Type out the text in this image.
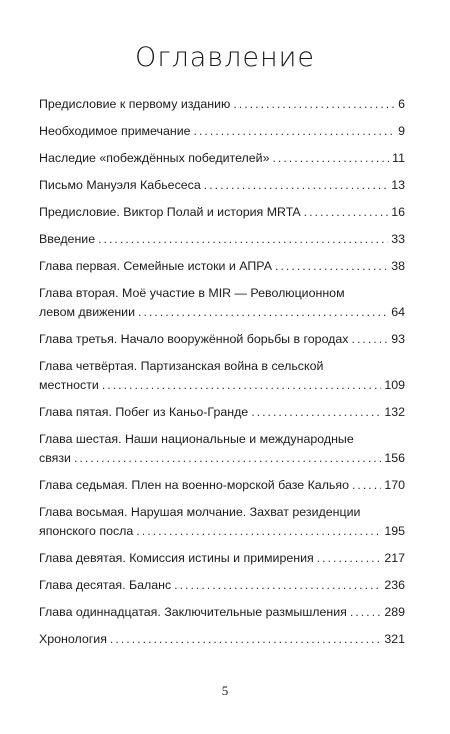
Оглавление
Предисловие к первому изданию .....	6
Необходимое примечание .....	9
Наследие «побеждённых победителей» .....	11
Письмо Мануэля Кабьесеса .....	13
Предисловие. Виктор Полай и история MRTA .....	16
Введение .....	33
Глава первая. Семейные истоки и АПРА .....	38
Глава вторая. Моё участие в MIR — Революционном
левом движении .....	64
Глава третья. Начало вооружённой борьбы в городах .....	93
Глава четвёртая. Партизанская война в сельской
местности .....	109
Глава пятая. Побег из Каньо-Гранде .....	132
Глава шестая. Наши национальные и международные
связи .....	156
Глава седьмая. Плен на военно-морской базе Кальяо .....	170
Глава восьмая. Нарушая молчание. Захват резиденции
японского посла .....	195
Глава девятая. Комиссия истины и примирения .....	217
Глава десятая. Баланс .....	236
Глава одиннадцатая. Заключительные размышления .....	289
Хронология .....	321
5
